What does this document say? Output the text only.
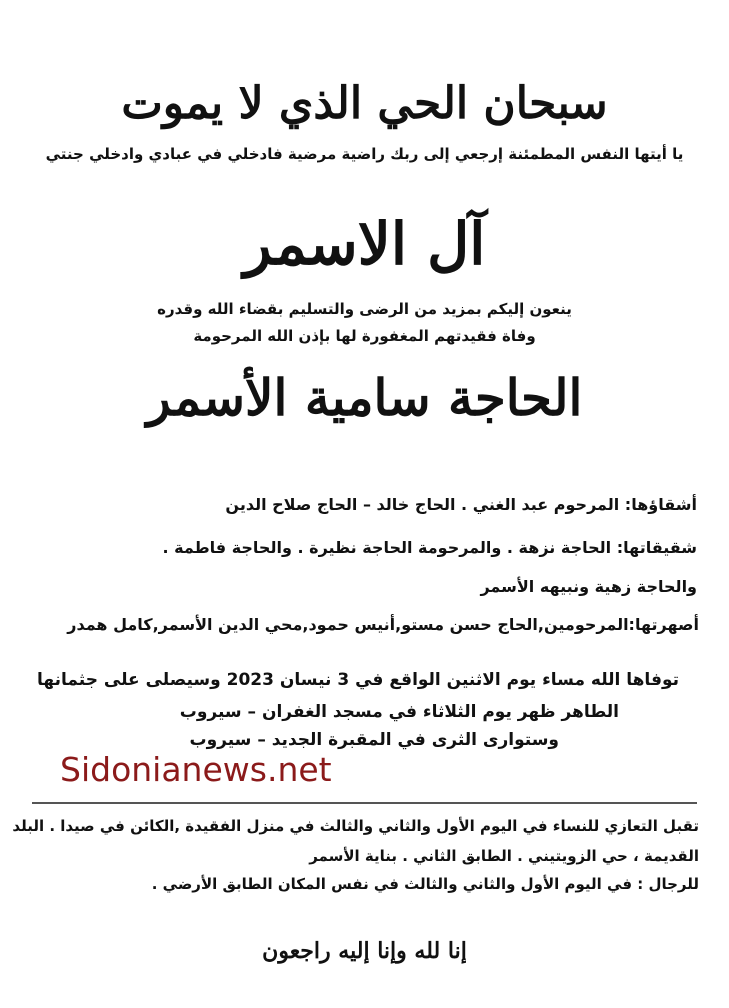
سبحان الحي الذي لا يموت
يا أيتها النفس المطمئنة إرجعي إلى ربك راضية مرضية فادخلي في عبادي وادخلي جنتي
آل الاسمر
ينعون إليكم بمزيد من الرضى والتسليم بقضاء الله وقدره
وفاة فقيدتهم المغفورة لها بإذن الله المرحومة
الحاجة سامية الأسمر
أشقاؤها: المرحوم عبد الغني . الحاج خالد – الحاج صلاح الدين
شقيقاتها: الحاجة نزهة . والمرحومة الحاجة نظيرة . والحاجة فاطمة .
والحاجة زهية ونبيهه الأسمر
أصهرتها:المرحومين,الحاج حسن مستو,أنيس حمود,محي الدين الأسمر,كامل همدر
توفاها الله مساء يوم الاثنين الواقع في 3 نيسان 2023 وسيصلى على جثمانها
الطاهر ظهر يوم الثلاثاء في مسجد الغفران – سيروب
وستوارى الثرى في المقبرة الجديد – سيروب
Sidonianews.net
تقبل التعازي للنساء في اليوم الأول والثاني والثالث في منزل الفقيدة ,الكائن في صيدا . البلد
القديمة ، حي الزويتيني . الطابق الثاني . بناية الأسمر
للرجال : في اليوم الأول والثاني والثالث في نفس المكان الطابق الأرضي .
إنا لله وإنا إليه راجعون
